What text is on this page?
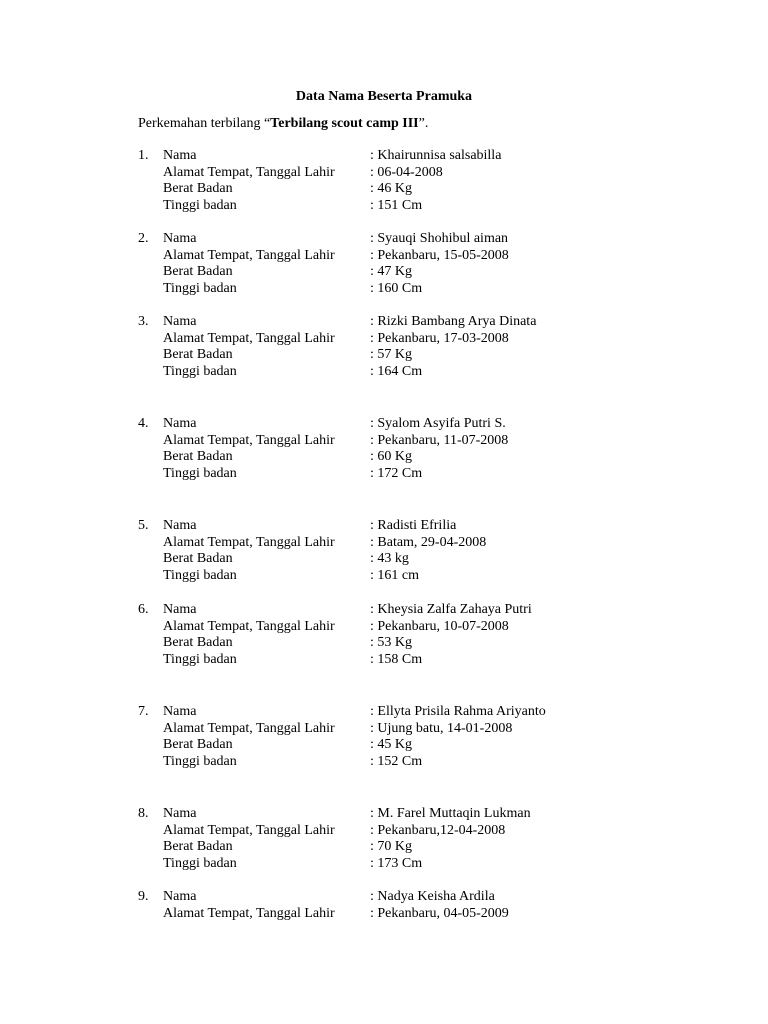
Data Nama Beserta Pramuka
Perkemahan terbilang “Terbilang scout camp III”.
1. Nama	: Khairunnisa salsabilla
Alamat Tempat, Tanggal Lahir	: 06-04-2008
Berat Badan	: 46 Kg
Tinggi badan	: 151 Cm
2. Nama	: Syauqi Shohibul aiman
Alamat Tempat, Tanggal Lahir	: Pekanbaru, 15-05-2008
Berat Badan	: 47 Kg
Tinggi badan	: 160 Cm
3. Nama	: Rizki Bambang Arya Dinata
Alamat Tempat, Tanggal Lahir	: Pekanbaru, 17-03-2008
Berat Badan	: 57 Kg
Tinggi badan	: 164 Cm
4. Nama	: Syalom Asyifa Putri S.
Alamat Tempat, Tanggal Lahir	: Pekanbaru, 11-07-2008
Berat Badan	: 60 Kg
Tinggi badan	: 172 Cm
5. Nama	: Radisti Efrilia
Alamat Tempat, Tanggal Lahir	: Batam, 29-04-2008
Berat Badan	: 43 kg
Tinggi badan	: 161 cm
6. Nama	: Kheysia Zalfa Zahaya Putri
Alamat Tempat, Tanggal Lahir	: Pekanbaru, 10-07-2008
Berat Badan	: 53 Kg
Tinggi badan	: 158 Cm
7. Nama	: Ellyta Prisila Rahma Ariyanto
Alamat Tempat, Tanggal Lahir	: Ujung batu, 14-01-2008
Berat Badan	: 45 Kg
Tinggi badan	: 152 Cm
8. Nama	: M. Farel Muttaqin Lukman
Alamat Tempat, Tanggal Lahir	: Pekanbaru,12-04-2008
Berat Badan	: 70 Kg
Tinggi badan	: 173 Cm
9. Nama	: Nadya Keisha Ardila
Alamat Tempat, Tanggal Lahir	: Pekanbaru, 04-05-2009
